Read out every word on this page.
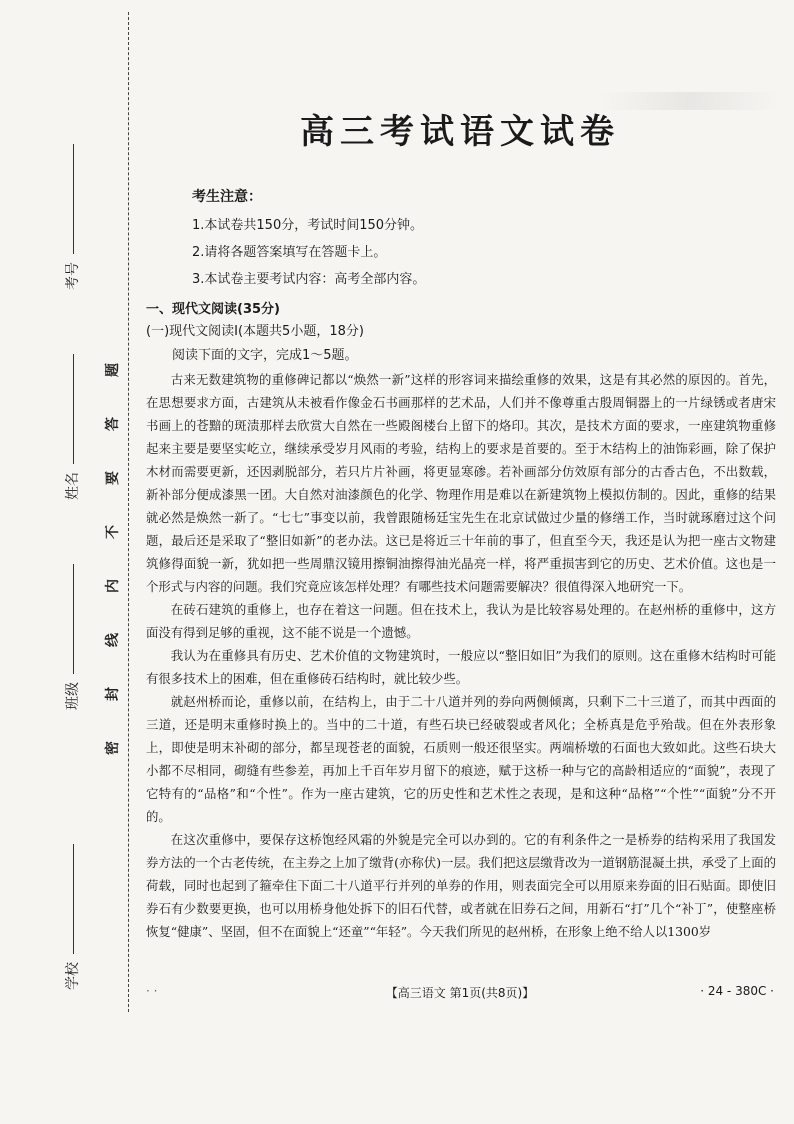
考号
姓名
班级
学校
题
答
要
不
内
线
封
密
高三考试语文试卷
考生注意：
1.本试卷共150分，考试时间150分钟。
2.请将各题答案填写在答题卡上。
3.本试卷主要考试内容：高考全部内容。
一、现代文阅读(35分)
(一)现代文阅读Ⅰ(本题共5小题，18分)
阅读下面的文字，完成1～5题。

古来无数建筑物的重修碑记都以“焕然一新”这样的形容词来描绘重修的效果，这是有其必然的原因的。首先，在思想要求方面，古建筑从未被看作像金石书画那样的艺术品，人们并不像尊重古殷周铜器上的一片绿锈或者唐宋书画上的苍黯的斑渍那样去欣赏大自然在一些殿阁楼台上留下的烙印。其次，是技术方面的要求，一座建筑物重修起来主要是要坚实屹立，继续承受岁月风雨的考验，结构上的要求是首要的。至于木结构上的油饰彩画，除了保护木材而需要更新，还因剥脱部分，若只片片补画，将更显寒碜。若补画部分仿效原有部分的古香古色，不出数载，新补部分便成漆黑一团。大自然对油漆颜色的化学、物理作用是难以在新建筑物上模拟仿制的。因此，重修的结果就必然是焕然一新了。“七七”事变以前，我曾跟随杨廷宝先生在北京试做过少量的修缮工作，当时就琢磨过这个问题，最后还是采取了“整旧如新”的老办法。这已是将近三十年前的事了，但直至今天，我还是认为把一座古文物建筑修得面貌一新，犹如把一些周鼎汉镜用擦铜油擦得油光晶亮一样，将严重损害到它的历史、艺术价值。这也是一个形式与内容的问题。我们究竟应该怎样处理？有哪些技术问题需要解决？很值得深入地研究一下。

在砖石建筑的重修上，也存在着这一问题。但在技术上，我认为是比较容易处理的。在赵州桥的重修中，这方面没有得到足够的重视，这不能不说是一个遗憾。

我认为在重修具有历史、艺术价值的文物建筑时，一般应以“整旧如旧”为我们的原则。这在重修木结构时可能有很多技术上的困难，但在重修砖石结构时，就比较少些。

就赵州桥而论，重修以前，在结构上，由于二十八道并列的券向两侧倾离，只剩下二十三道了，而其中西面的三道，还是明末重修时换上的。当中的二十道，有些石块已经破裂或者风化；全桥真是危乎殆哉。但在外表形象上，即使是明末补砌的部分，都呈现苍老的面貌，石质则一般还很坚实。两端桥墩的石面也大致如此。这些石块大小都不尽相同，砌缝有些参差，再加上千百年岁月留下的痕迹，赋于这桥一种与它的高龄相适应的“面貌”，表现了它特有的“品格”和“个性”。作为一座古建筑，它的历史性和艺术性之表现，是和这种“品格”“个性”“面貌”分不开的。

在这次重修中，要保存这桥饱经风霜的外貌是完全可以办到的。它的有利条件之一是桥券的结构采用了我国发券方法的一个古老传统，在主券之上加了缴背(亦称伏)一层。我们把这层缴背改为一道钢筋混凝土拱，承受了上面的荷载，同时也起到了箍牵住下面二十八道平行并列的单券的作用，则表面完全可以用原来券面的旧石贴面。即使旧券石有少数要更换，也可以用桥身他处拆下的旧石代替，或者就在旧券石之间，用新石“打”几个“补丁”，使整座桥恢复“健康”、坚固，但不在面貌上“还童”“年轻”。今天我们所见的赵州桥，在形象上绝不给人以1300岁

· ·	【高三语文 第1页(共8页)】	· 24 - 380C ·
